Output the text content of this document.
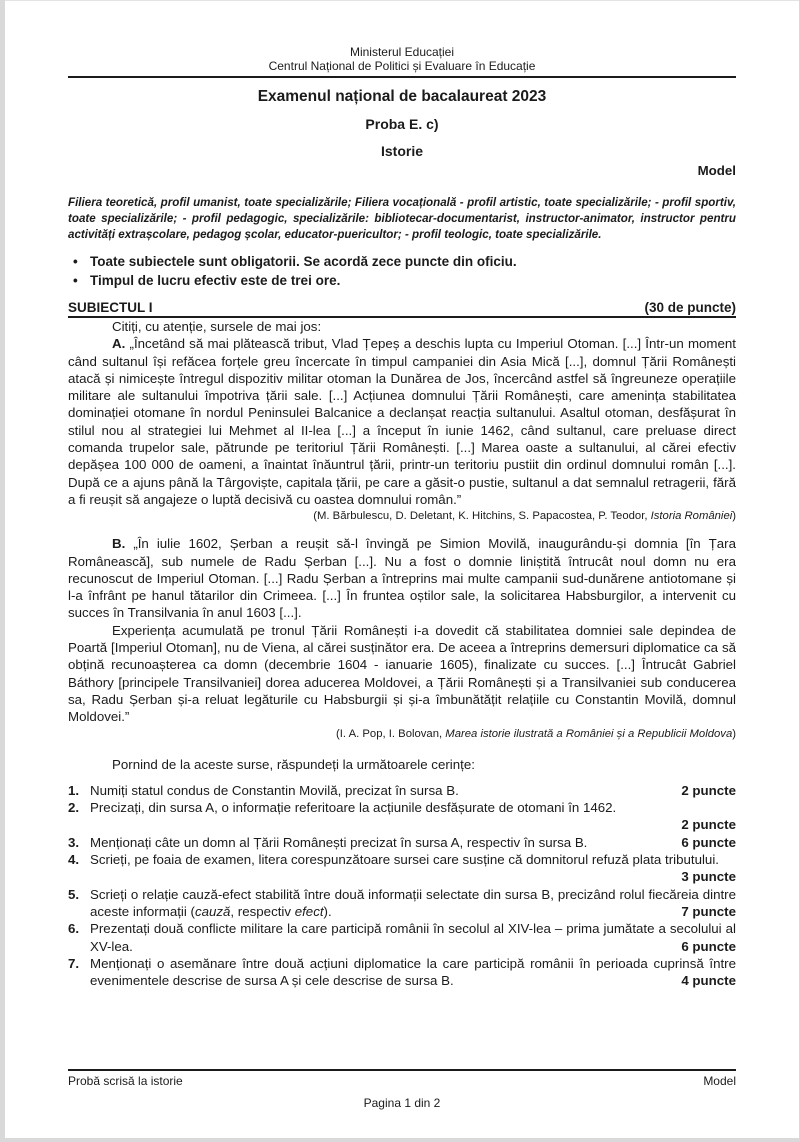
Ministerul Educației
Centrul Național de Politici și Evaluare în Educație
Examenul național de bacalaureat 2023
Proba E. c)
Istorie
Model

Filiera teoretică, profil umanist, toate specializările; Filiera vocațională - profil artistic, toate specializările; - profil sportiv, toate specializările; - profil pedagogic, specializările: bibliotecar-documentarist, instructor-animator, instructor pentru activități extrașcolare, pedagog școlar, educator-puericultor; - profil teologic, toate specializările.

• Toate subiectele sunt obligatorii. Se acordă zece puncte din oficiu.
• Timpul de lucru efectiv este de trei ore.
SUBIECTUL I	(30 de puncte)

Citiți, cu atenție, sursele de mai jos:

A. „Încetând să mai plătească tribut, Vlad Țepeș a deschis lupta cu Imperiul Otoman. [...] Într-un moment când sultanul își refăcea forțele greu încercate în timpul campaniei din Asia Mică [...], domnul Țării Românești atacă și nimicește întregul dispozitiv militar otoman la Dunărea de Jos, încercând astfel să îngreuneze operațiile militare ale sultanului împotriva țării sale. [...] Acțiunea domnului Țării Românești, care amenința stabilitatea dominației otomane în nordul Peninsulei Balcanice a declanșat reacția sultanului. Asaltul otoman, desfășurat în stilul nou al strategiei lui Mehmet al II-lea [...] a început în iunie 1462, când sultanul, care preluase direct comanda trupelor sale, pătrunde pe teritoriul Țării Românești. [...] Marea oaste a sultanului, al cărei efectiv depășea 100 000 de oameni, a înaintat înăuntrul țării, printr-un teritoriu pustiit din ordinul domnului român [...]. După ce a ajuns până la Târgoviște, capitala țării, pe care a găsit-o pustie, sultanul a dat semnalul retragerii, fără a fi reușit să angajeze o luptă decisivă cu oastea domnului român.”

(M. Bărbulescu, D. Deletant, K. Hitchins, S. Papacostea, P. Teodor, Istoria României)

B. „În iulie 1602, Șerban a reușit să-l învingă pe Simion Movilă, inaugurându-și domnia [în Țara Românească], sub numele de Radu Șerban [...]. Nu a fost o domnie liniștită întrucât noul domn nu era recunoscut de Imperiul Otoman. [...] Radu Șerban a întreprins mai multe campanii sud-dunărene antiotomane și l-a înfrânt pe hanul tătarilor din Crimeea. [...] În fruntea oștilor sale, la solicitarea Habsburgilor, a intervenit cu succes în Transilvania în anul 1603 [...].

Experiența acumulată pe tronul Țării Românești i-a dovedit că stabilitatea domniei sale depindea de Poartă [Imperiul Otoman], nu de Viena, al cărei susținător era. De aceea a întreprins demersuri diplomatice ca să obțină recunoașterea ca domn (decembrie 1604 - ianuarie 1605), finalizate cu succes. [...] Întrucât Gabriel Báthory [principele Transilvaniei] dorea aducerea Moldovei, a Țării Românești și a Transilvaniei sub conducerea sa, Radu Șerban și-a reluat legăturile cu Habsburgii și și-a îmbunătățit relațiile cu Constantin Movilă, domnul Moldovei.”

(I. A. Pop, I. Bolovan, Marea istorie ilustrată a României și a Republicii Moldova)

Pornind de la aceste surse, răspundeți la următoarele cerințe:

1. Numiți statul condus de Constantin Movilă, precizat în sursa B.	2 puncte
2. Precizați, din sursa A, o informație referitoare la acțiunile desfășurate de otomani în 1462.
2 puncte
3. Menționați câte un domn al Țării Românești precizat în sursa A, respectiv în sursa B.	6 puncte
4. Scrieți, pe foaia de examen, litera corespunzătoare sursei care susține că domnitorul refuză plata tributului.
3 puncte
5. Scrieți o relație cauză-efect stabilită între două informații selectate din sursa B, precizând rolul fiecăreia dintre aceste informații (cauză, respectiv efect).	7 puncte
6. Prezentați două conflicte militare la care participă românii în secolul al XIV-lea – prima jumătate a secolului al XV-lea.	6 puncte
7. Menționați o asemănare între două acțiuni diplomatice la care participă românii în perioada cuprinsă între evenimentele descrise de sursa A și cele descrise de sursa B.	4 puncte
Probă scrisă la istorie	Model
Pagina 1 din 2
